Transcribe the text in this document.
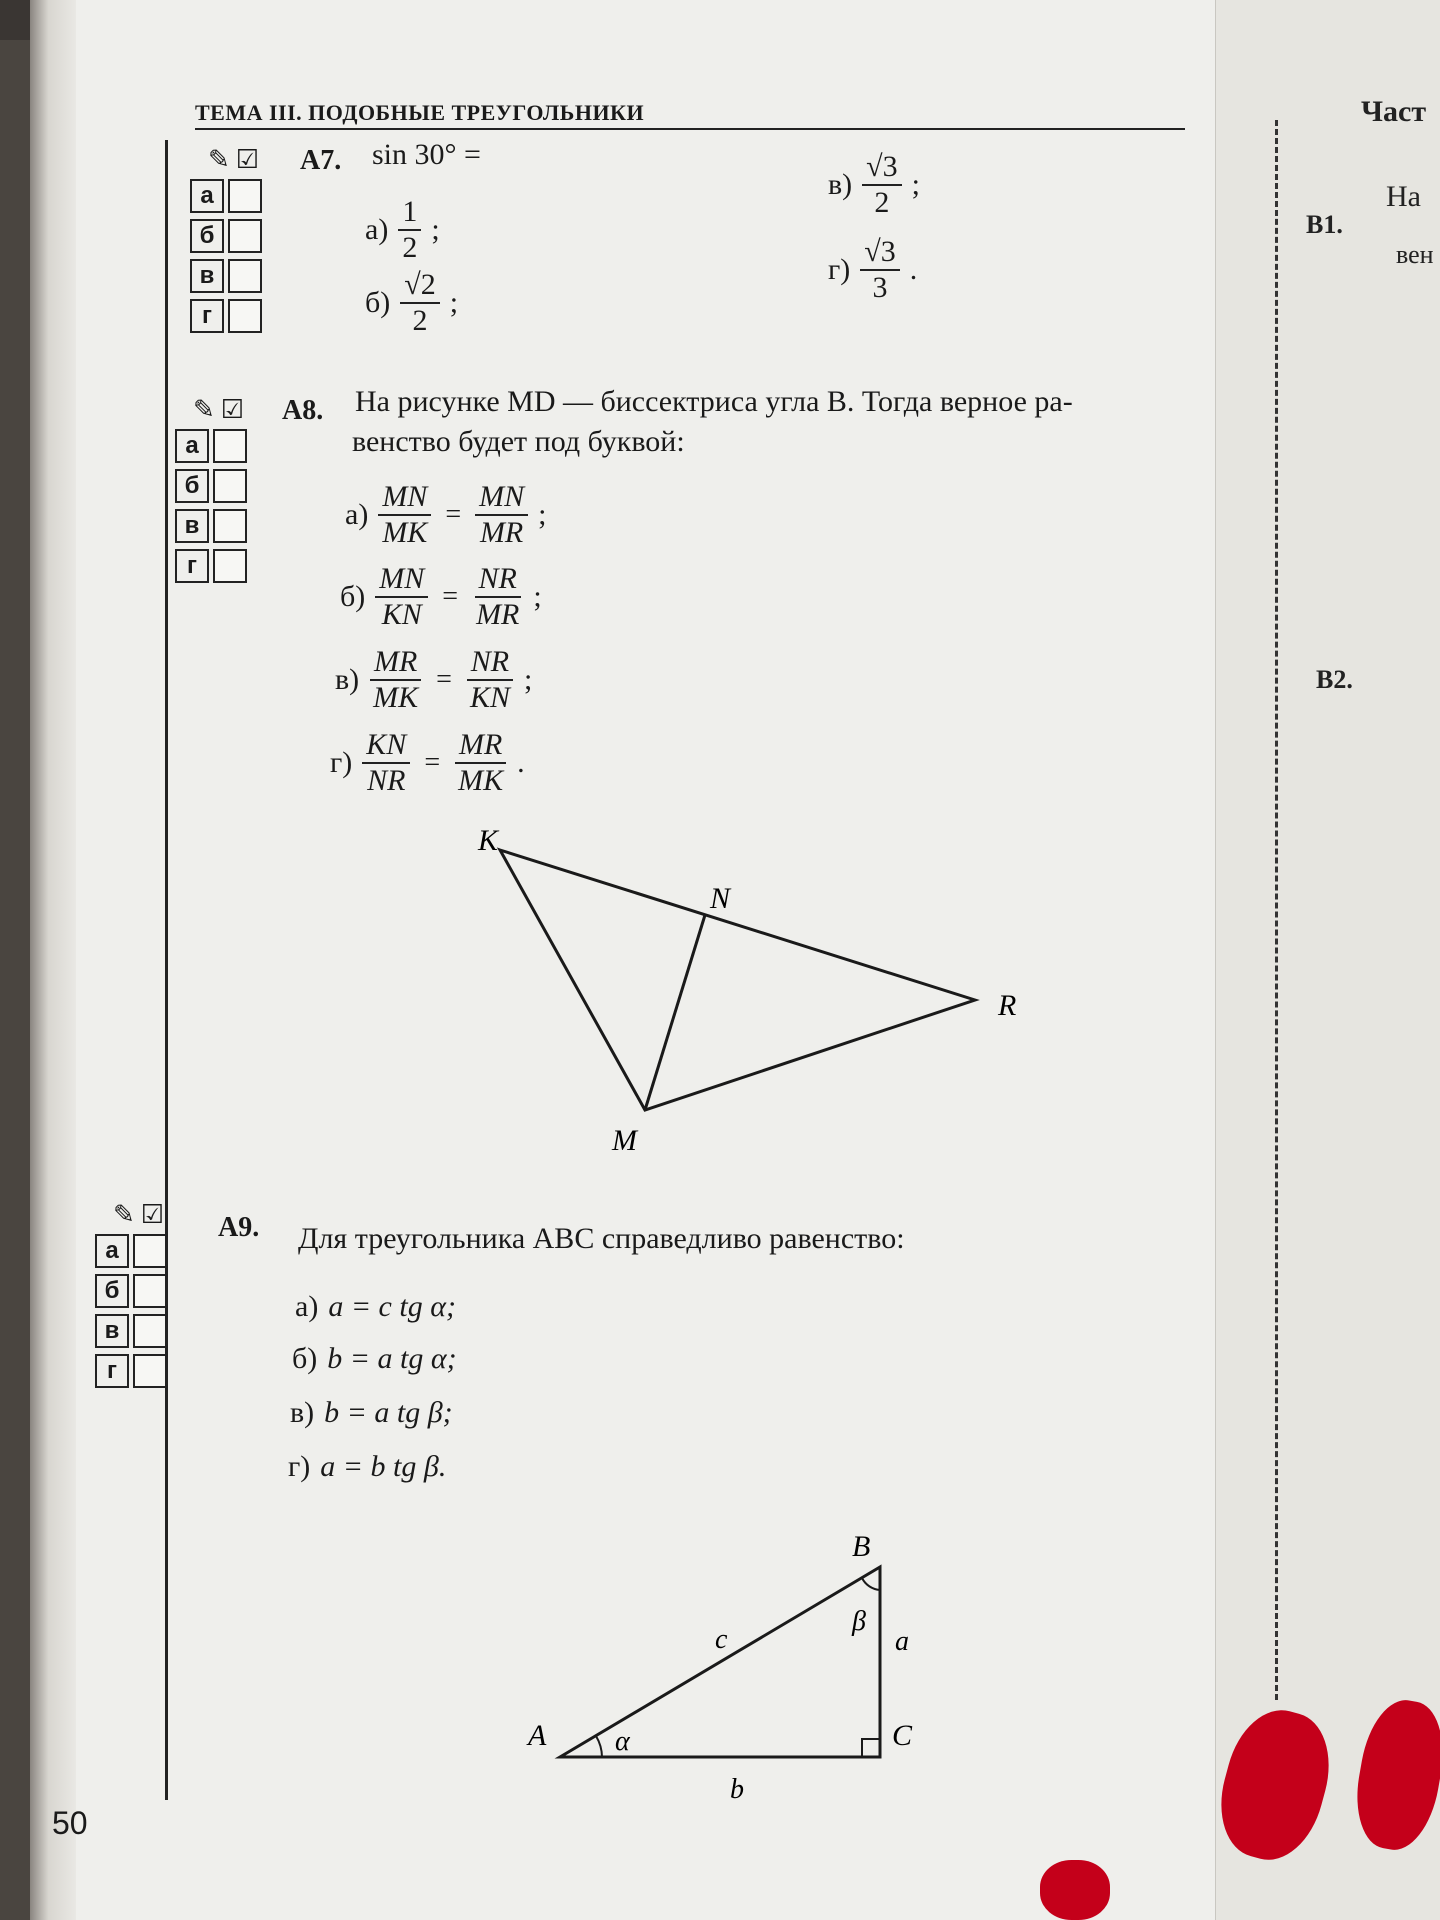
Част
B1.
На
вен
B2.
ТЕМА III. ПОДОБНЫЕ ТРЕУГОЛЬНИКИ
✎ ☑
а
б
в
г
✎ ☑
а
б
в
г
✎ ☑
а
б
в
г
А7. sin 30° =
$а) \frac{1}{2}$ ;
$б) \frac{√2}{2}$ ;
$в) \frac{√3}{2}$ ;
$г) \frac{√3}{3}$ .
А8. На рисунке MD — биссектриса угла B. Тогда верное ра-
венство будет под буквой:
$а) \frac{MN}{MK} = \frac{MN}{MR}$ ;
$б) \frac{MN}{KN} = \frac{NR}{MR}$ ;
$в) \frac{MR}{MK} = \frac{NR}{KN}$ ;
$г) \frac{KN}{NR} = \frac{MR}{MK}$ .
K
N
R
M
А9. Для треугольника ABC справедливо равенство:
а) a = c tg α;
б) b = a tg α;
в) b = a tg β;
г) a = b tg β.
A
B
C
a
b
c
α
β
50
